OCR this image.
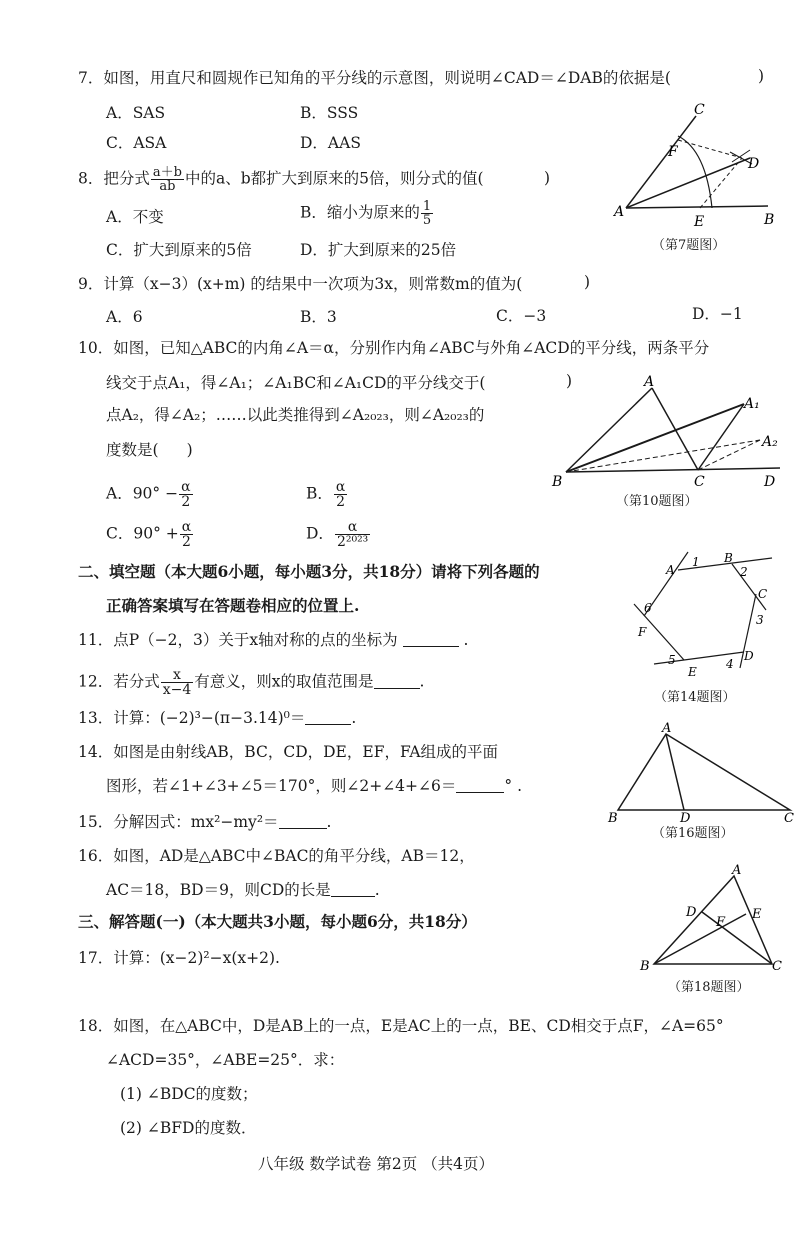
7．如图，用直尺和圆规作已知角的平分线的示意图，则说明∠CAD＝∠DAB的依据是(	)
A．SAS	B．SSS
C．ASA	D．AAS
8．把分式 $\frac{a+b}{ab}$ 中的a、b都扩大到原来的5倍，则分式的值(	)
A．不变	B．缩小为原来的 $\frac{1}{5}$
C．扩大到原来的5倍	D．扩大到原来的25倍
9．计算（x−3）(x+m) 的结果中一次项为3x，则常数m的值为(	)
A．6	B．3	C．−3	D．−1
10．如图，已知△ABC的内角∠A＝α，分别作内角∠ABC与外角∠ACD的平分线，两条平分
线交于点A₁，得∠A₁；∠A₁BC和∠A₁CD的平分线交于(	)
点A₂，得∠A₂；……以此类推得到∠A₂₀₂₃，则∠A₂₀₂₃的
度数是( )
A．$90^\circ - \frac{\alpha}{2}$	B． $\frac{\alpha}{2}$
C．$90^\circ + \frac{\alpha}{2}$	D． $\frac{\alpha}{\text{2²⁰²³}}$
二、填空题（本大题6小题，每小题3分，共18分）请将下列各题的
正确答案填写在答题卷相应的位置上.
11．点P（−2，3）关于x轴对称的点的坐标为	.
12．若分式 $\frac{x}{x-4}$ 有意义，则x的取值范围是	.
13．计算：(−2)³−(π−3.14)⁰＝	.
14．如图是由射线AB，BC，CD，DE，EF，FA组成的平面
图形，若∠1+∠3+∠5＝170°，则∠2+∠4+∠6＝	° .
15．分解因式：mx²−my²＝	.
16．如图，AD是△ABC中∠BAC的角平分线，AB＝12，
AC＝18，BD＝9，则CD的长是	.
三、解答题(一)（本大题共3小题，每小题6分，共18分）
17．计算：(x−2)²−x(x+2).
18．如图，在△ABC中，D是AB上的一点，E是AC上的一点，BE、CD相交于点F，∠A=65°
∠ACD=35°，∠ABE=25°．求：
(1) ∠BDC的度数；
(2) ∠BFD的度数．
八年级 数学试卷 第2页 （共4页）
C
F
D
A
E	B
（第7题图）
A
A₁
A₂
B	C	D
（第10题图）
A
1 B
2
C
3
D
4
E
5
F
6
（第14题图）
A
B	D	C
（第16题图）
A
D
F
E
B	C
（第18题图）
